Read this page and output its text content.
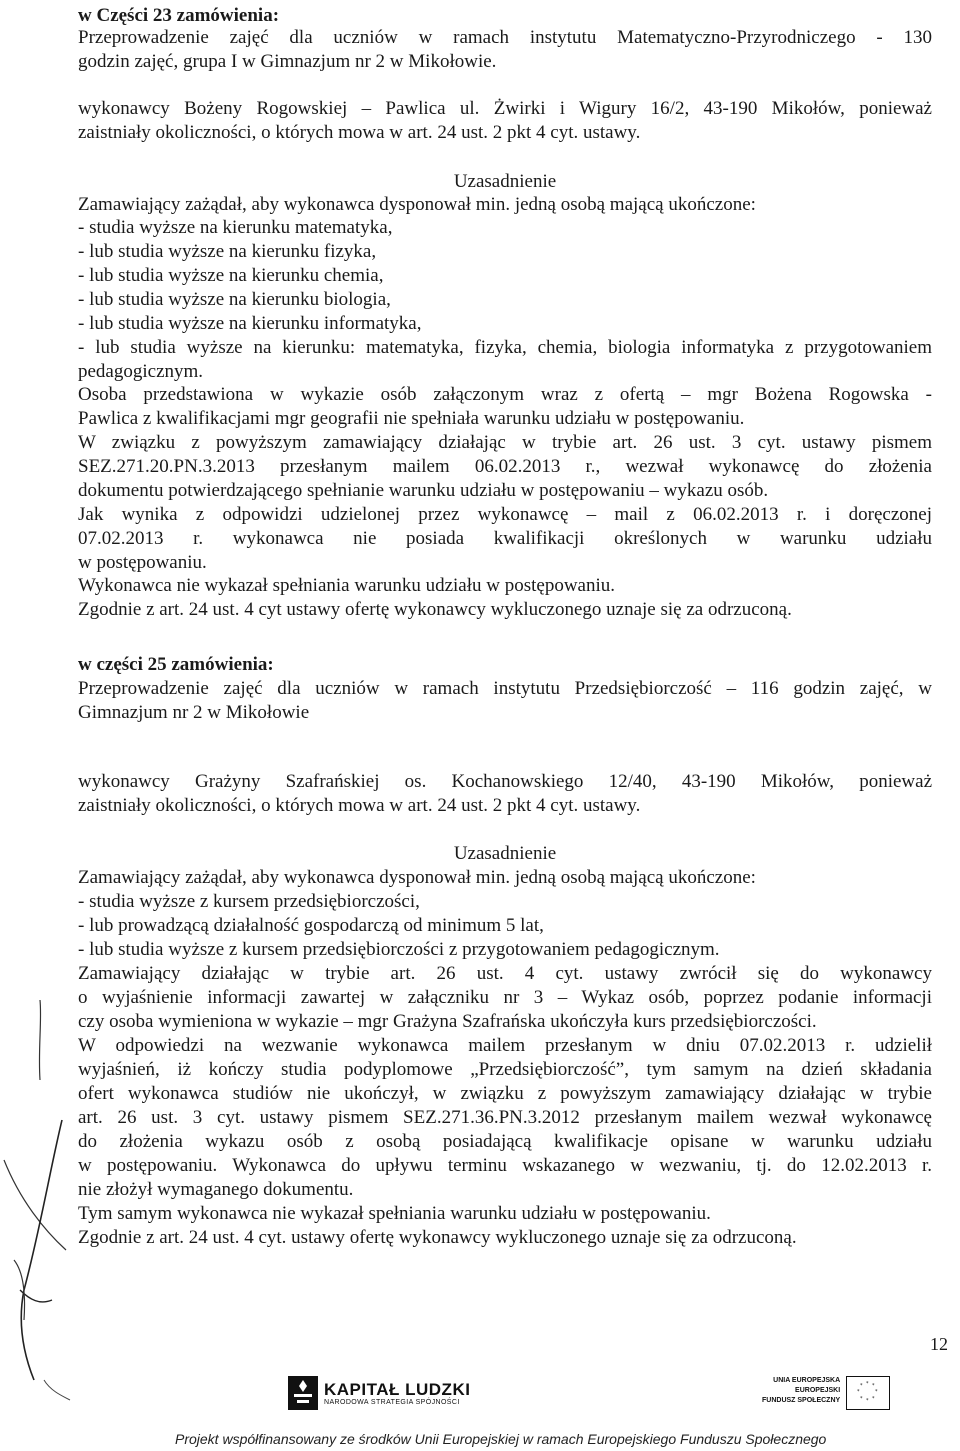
w Części 23 zamówienia:
Przeprowadzenie zajęć dla uczniów w ramach instytutu Matematyczno-Przyrodniczego - 130
godzin zajęć, grupa I w Gimnazjum nr 2 w Mikołowie.
wykonawcy Bożeny Rogowskiej – Pawlica ul. Żwirki i Wigury 16/2, 43-190 Mikołów, ponieważ
zaistniały okoliczności, o których mowa w art. 24 ust. 2 pkt 4 cyt. ustawy.
Uzasadnienie
Zamawiający zażądał, aby wykonawca dysponował min. jedną osobą mającą ukończone:
- studia wyższe na kierunku matematyka,
- lub studia wyższe na kierunku fizyka,
- lub studia wyższe na kierunku chemia,
- lub studia wyższe na kierunku biologia,
- lub studia wyższe na kierunku informatyka,
- lub studia wyższe na kierunku: matematyka, fizyka, chemia, biologia informatyka z przygotowaniem
pedagogicznym.
Osoba przedstawiona w wykazie osób załączonym wraz z ofertą – mgr Bożena Rogowska -
Pawlica z kwalifikacjami mgr geografii nie spełniała warunku udziału w postępowaniu.
W związku z powyższym zamawiający działając w trybie art. 26 ust. 3 cyt. ustawy pismem
SEZ.271.20.PN.3.2013 przesłanym mailem 06.02.2013 r., wezwał wykonawcę do złożenia
dokumentu potwierdzającego spełnianie warunku udziału w postępowaniu – wykazu osób.
Jak wynika z odpowidzi udzielonej przez wykonawcę – mail z 06.02.2013 r. i doręczonej
07.02.2013 r. wykonawca nie posiada kwalifikacji określonych w warunku udziału
w postępowaniu.
Wykonawca nie wykazał spełniania warunku udziału w postępowaniu.
Zgodnie z art. 24 ust. 4 cyt ustawy ofertę wykonawcy wykluczonego uznaje się za odrzuconą.
w części 25 zamówienia:
Przeprowadzenie zajęć dla uczniów w ramach instytutu Przedsiębiorczość – 116 godzin zajęć, w
Gimnazjum nr 2 w Mikołowie
wykonawcy Grażyny Szafrańskiej os. Kochanowskiego 12/40, 43-190 Mikołów, ponieważ
zaistniały okoliczności, o których mowa w art. 24 ust. 2 pkt 4 cyt. ustawy.
Uzasadnienie
Zamawiający zażądał, aby wykonawca dysponował min. jedną osobą mającą ukończone:
- studia wyższe z kursem przedsiębiorczości,
- lub prowadzącą działalność gospodarczą od minimum 5 lat,
- lub studia wyższe z kursem przedsiębiorczości z przygotowaniem pedagogicznym.
Zamawiający działając w trybie art. 26 ust. 4 cyt. ustawy zwrócił się do wykonawcy
o wyjaśnienie informacji zawartej w załączniku nr 3 – Wykaz osób, poprzez podanie informacji
czy osoba wymieniona w wykazie – mgr Grażyna Szafrańska ukończyła kurs przedsiębiorczości.
W odpowiedzi na wezwanie wykonawca mailem przesłanym w dniu 07.02.2013 r. udzielił
wyjaśnień, iż kończy studia podyplomowe „Przedsiębiorczość”, tym samym na dzień składania
ofert wykonawca studiów nie ukończył, w związku z powyższym zamawiający działając w trybie
art. 26 ust. 3 cyt. ustawy pismem SEZ.271.36.PN.3.2012 przesłanym mailem wezwał wykonawcę
do złożenia wykazu osób z osobą posiadającą kwalifikacje opisane w warunku udziału
w postępowaniu. Wykonawca do upływu terminu wskazanego w wezwaniu, tj. do 12.02.2013 r.
nie złożył wymaganego dokumentu.
Tym samym wykonawca nie wykazał spełniania warunku udziału w postępowaniu.
Zgodnie z art. 24 ust. 4 cyt. ustawy ofertę wykonawcy wykluczonego uznaje się za odrzuconą.
12
KAPITAŁ LUDZKI
NARODOWA STRATEGIA SPÓJNOŚCI
UNIA EUROPEJSKA
EUROPEJSKI
FUNDUSZ SPOŁECZNY
* *
*
*
*
*
*
*
Projekt współfinansowany ze środków Unii Europejskiej w ramach Europejskiego Funduszu Społecznego
